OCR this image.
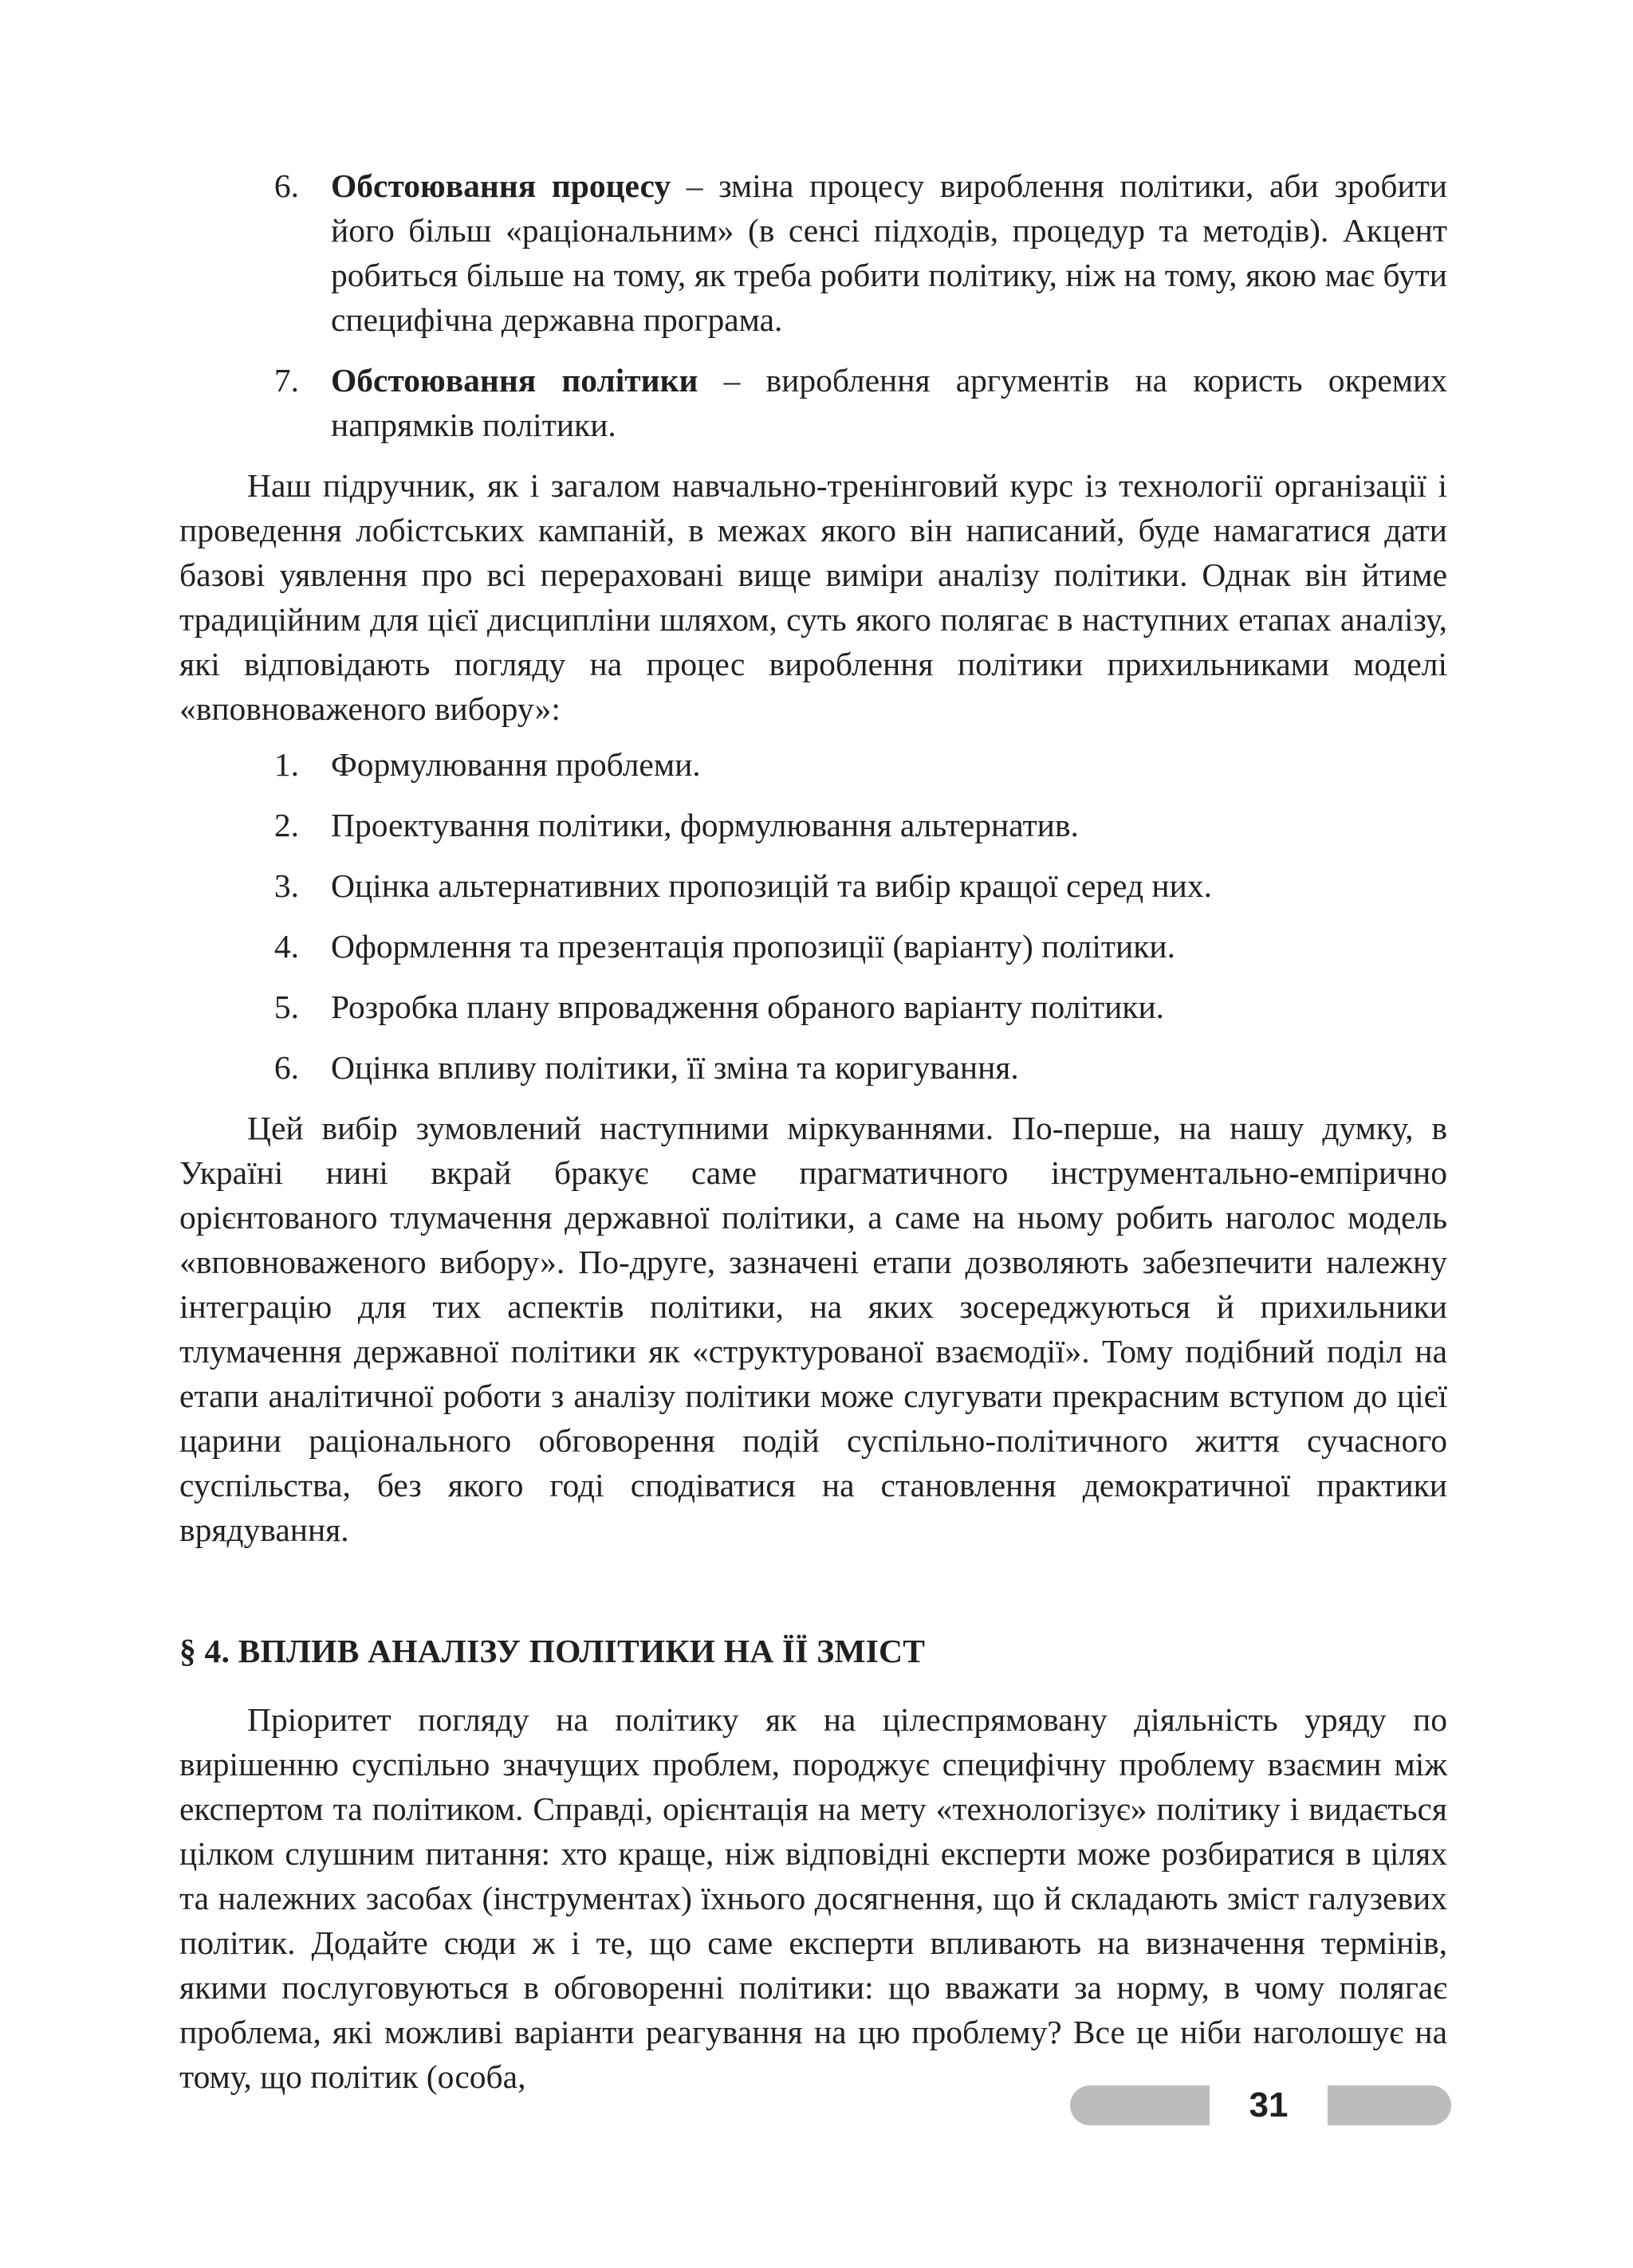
6. Обстоювання процесу – зміна процесу вироблення політики, аби зробити його більш «раціональним» (в сенсі підходів, процедур та методів). Акцент робиться більше на тому, як треба робити політику, ніж на тому, якою має бути специфічна державна програма.
7. Обстоювання політики – вироблення аргументів на користь окремих напрямків політики.

Наш підручник, як і загалом навчально-тренінговий курс із технології організації і проведення лобістських кампаній, в межах якого він написаний, буде намагатися дати базові уявлення про всі перераховані вище виміри аналізу політики. Однак він йтиме традиційним для цієї дисципліни шляхом, суть якого полягає в наступних етапах аналізу, які відповідають погляду на процес вироблення політики прихильниками моделі «вповноваженого вибору»:

1. Формулювання проблеми.
2. Проектування політики, формулювання альтернатив.
3. Оцінка альтернативних пропозицій та вибір кращої серед них.
4. Оформлення та презентація пропозиції (варіанту) політики.
5. Розробка плану впровадження обраного варіанту політики.
6. Оцінка впливу політики, її зміна та коригування.

Цей вибір зумовлений наступними міркуваннями. По-перше, на нашу думку, в Україні нині вкрай бракує саме прагматичного інструментально-емпірично орієнтованого тлумачення державної політики, а саме на ньому робить наголос модель «вповноваженого вибору». По-друге, зазначені етапи дозволяють забезпечити належну інтеграцію для тих аспектів політики, на яких зосереджуються й прихильники тлумачення державної політики як «структурованої взаємодії». Тому подібний поділ на етапи аналітичної роботи з аналізу політики може слугувати прекрасним вступом до цієї царини раціонального обговорення подій суспільно-політичного життя сучасного суспільства, без якого годі сподіватися на становлення демократичної практики врядування.

§ 4. ВПЛИВ АНАЛІЗУ ПОЛІТИКИ НА ЇЇ ЗМІСТ

Пріоритет погляду на політику як на цілеспрямовану діяльність уряду по вирішенню суспільно значущих проблем, породжує специфічну проблему взаємин між експертом та політиком. Справді, орієнтація на мету «технологізує» політику і видається цілком слушним питання: хто краще, ніж відповідні експерти може розбиратися в цілях та належних засобах (інструментах) їхнього досягнення, що й складають зміст галузевих політик. Додайте сюди ж і те, що саме експерти впливають на визначення термінів, якими послуговуються в обговоренні політики: що вважати за норму, в чому полягає проблема, які можливі варіанти реагування на цю проблему? Все це ніби наголошує на тому, що політик (особа,

31
